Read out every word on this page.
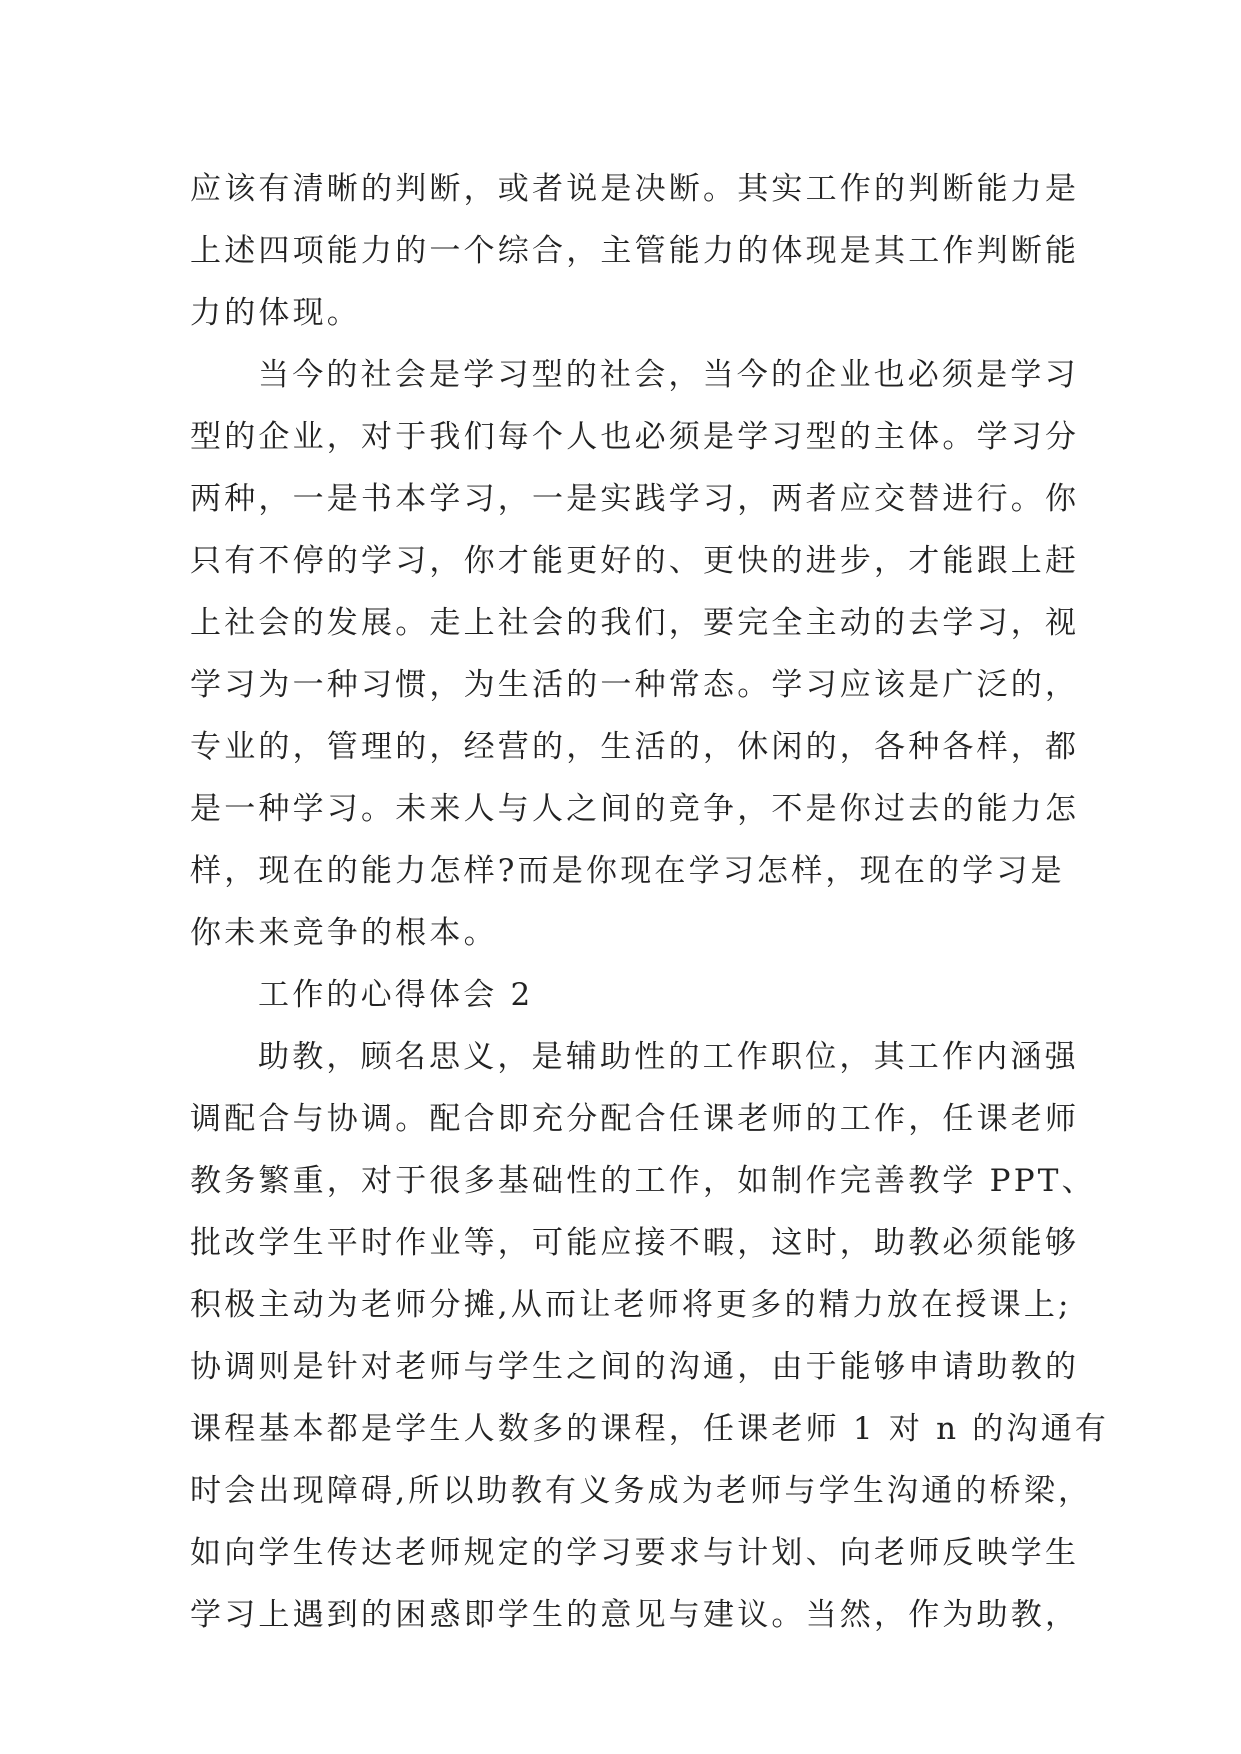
应该有清晰的判断，或者说是决断。其实工作的判断能力是
上述四项能力的一个综合，主管能力的体现是其工作判断能
力的体现。
当今的社会是学习型的社会，当今的企业也必须是学习
型的企业，对于我们每个人也必须是学习型的主体。学习分
两种，一是书本学习，一是实践学习，两者应交替进行。你
只有不停的学习，你才能更好的、更快的进步，才能跟上赶
上社会的发展。走上社会的我们，要完全主动的去学习，视
学习为一种习惯，为生活的一种常态。学习应该是广泛的，
专业的，管理的，经营的，生活的，休闲的，各种各样，都
是一种学习。未来人与人之间的竞争，不是你过去的能力怎
样，现在的能力怎样?而是你现在学习怎样，现在的学习是
你未来竞争的根本。
工作的心得体会 2
助教，顾名思义，是辅助性的工作职位，其工作内涵强
调配合与协调。配合即充分配合任课老师的工作，任课老师
教务繁重，对于很多基础性的工作，如制作完善教学 PPT、
批改学生平时作业等，可能应接不暇，这时，助教必须能够
积极主动为老师分摊,从而让老师将更多的精力放在授课上;
协调则是针对老师与学生之间的沟通，由于能够申请助教的
课程基本都是学生人数多的课程，任课老师 1 对 n 的沟通有
时会出现障碍,所以助教有义务成为老师与学生沟通的桥梁，
如向学生传达老师规定的学习要求与计划、向老师反映学生
学习上遇到的困惑即学生的意见与建议。当然，作为助教，
